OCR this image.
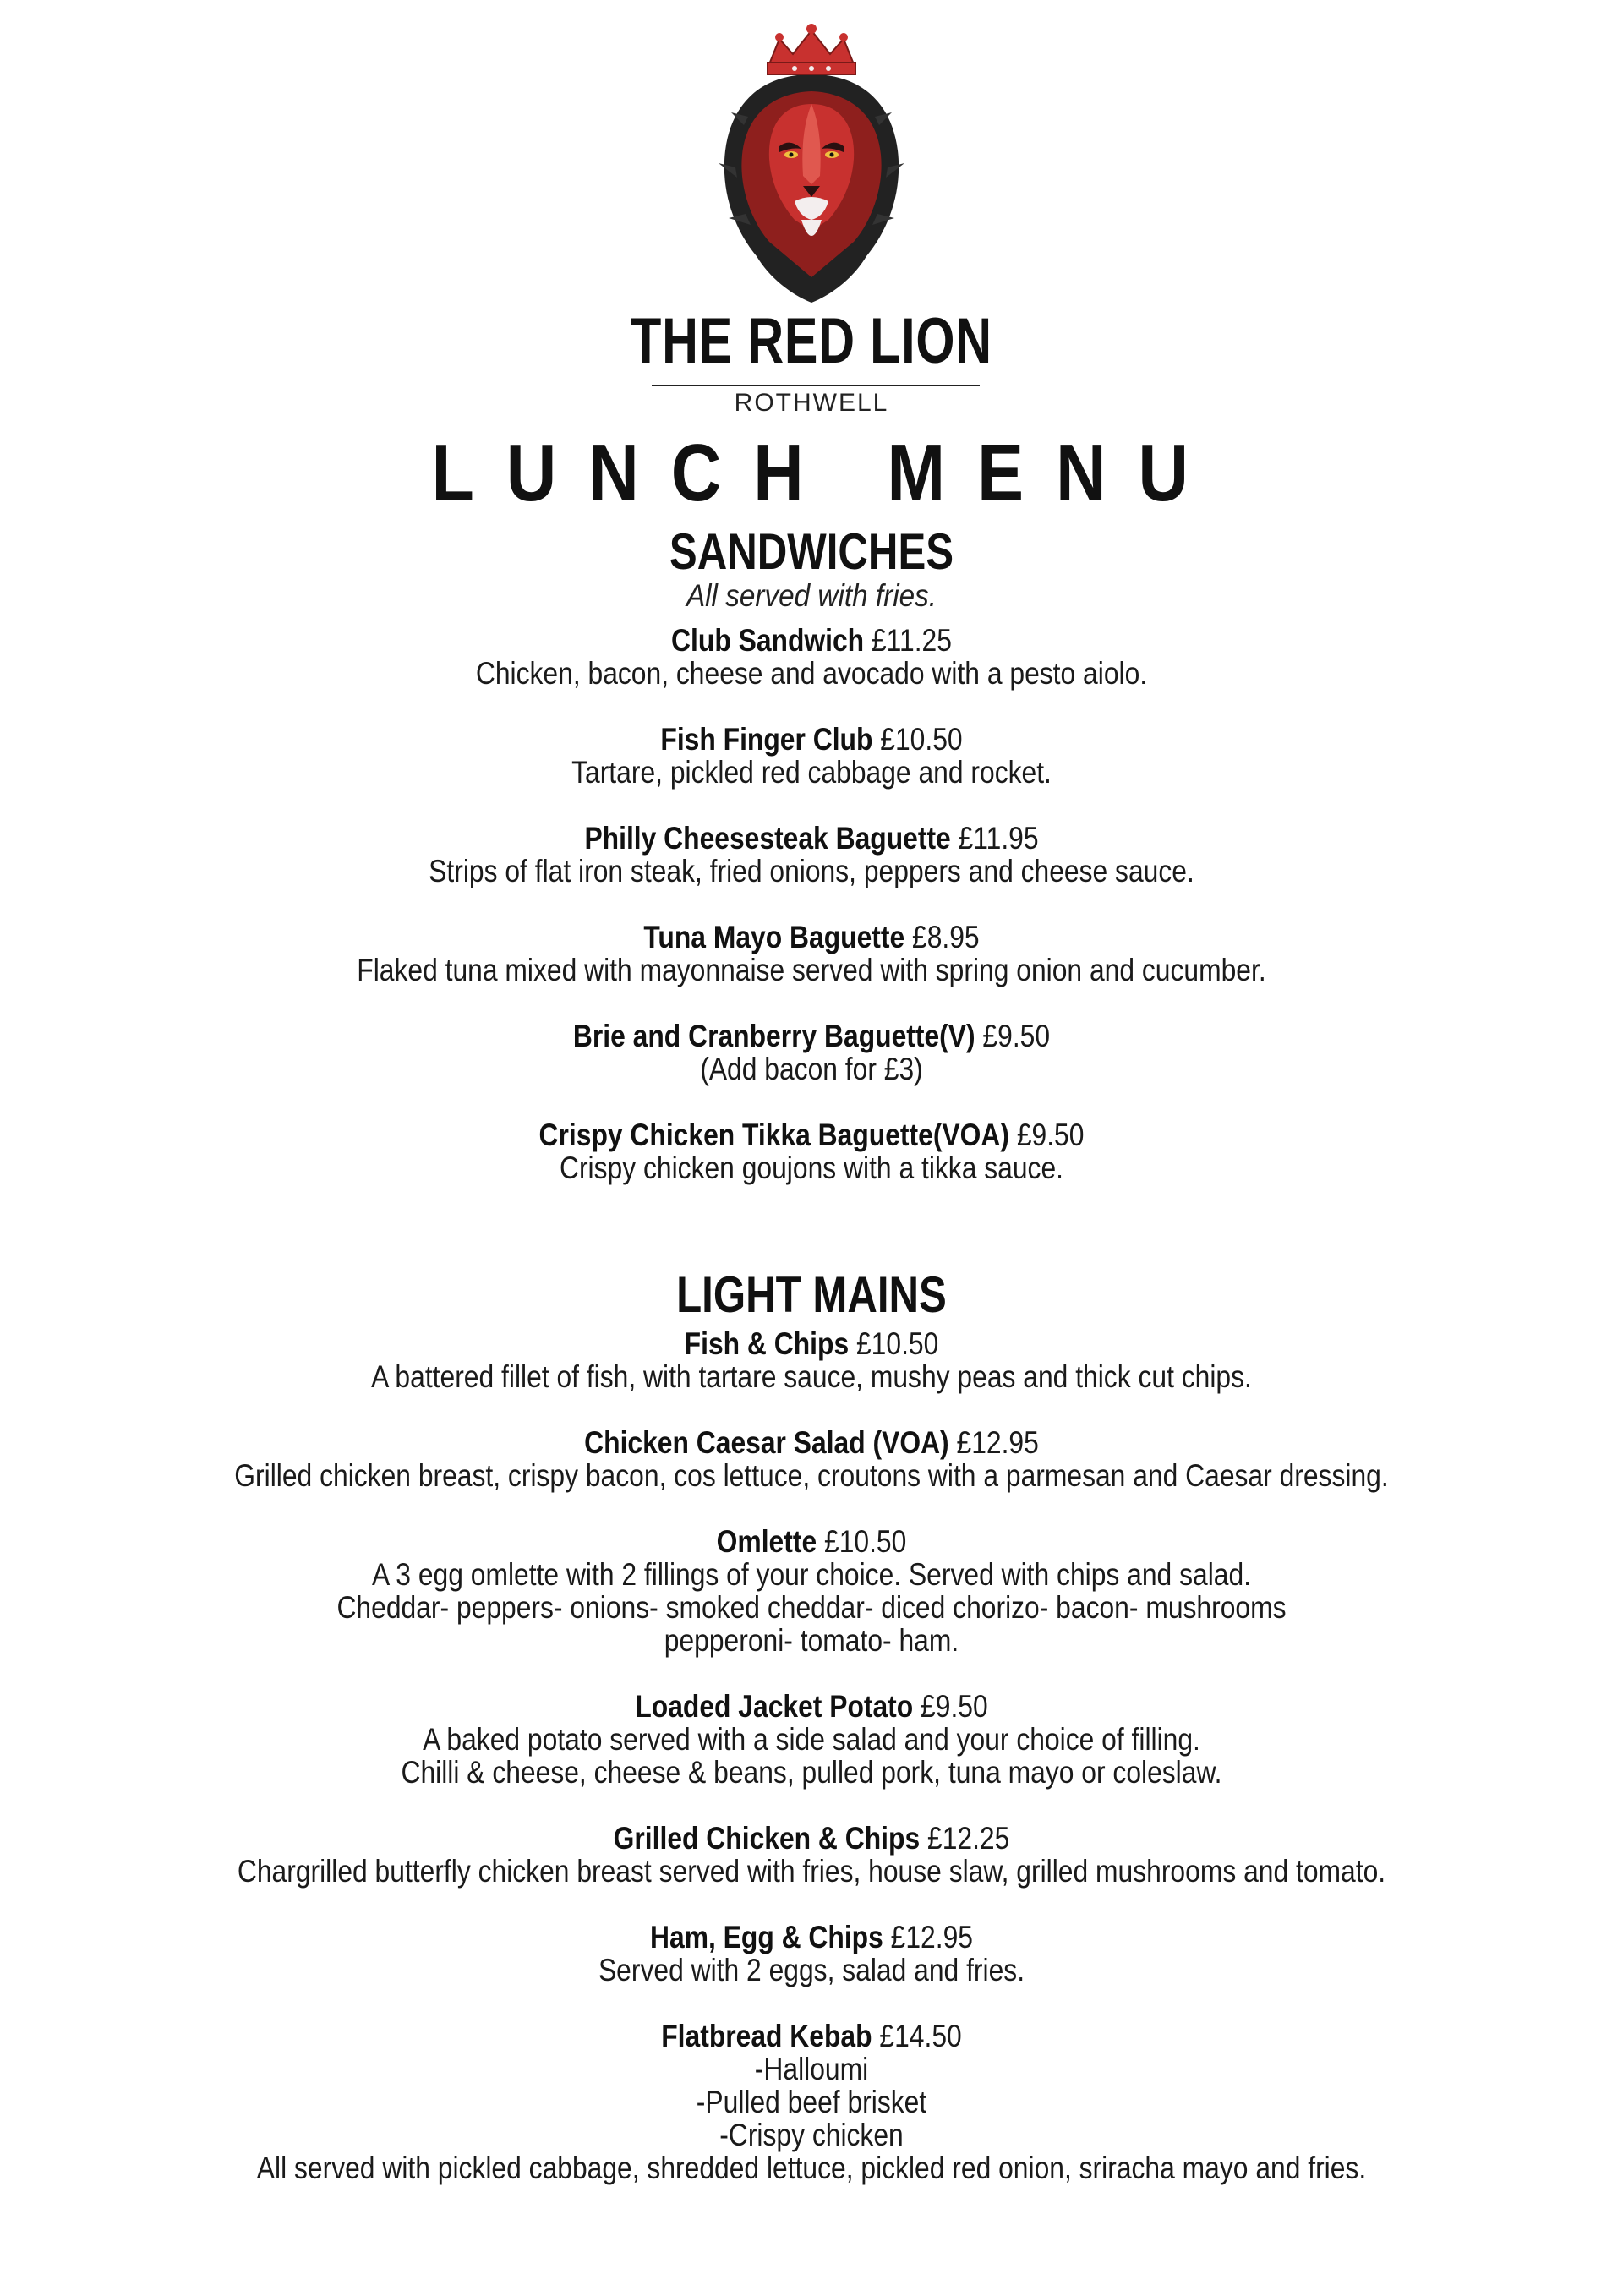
THE RED LION
ROTHWELL
LUNCH MENU
SANDWICHES
All served with fries.
Club Sandwich £11.25
Chicken, bacon, cheese and avocado with a pesto aiolo.
Fish Finger Club £10.50
Tartare, pickled red cabbage and rocket.
Philly Cheesesteak Baguette £11.95
Strips of flat iron steak, fried onions, peppers and cheese sauce.
Tuna Mayo Baguette £8.95
Flaked tuna mixed with mayonnaise served with spring onion and cucumber.
Brie and Cranberry Baguette(V) £9.50
(Add bacon for £3)
Crispy Chicken Tikka Baguette(VOA) £9.50
Crispy chicken goujons with a tikka sauce.
LIGHT MAINS
Fish & Chips £10.50
A battered fillet of fish, with tartare sauce, mushy peas and thick cut chips.
Chicken Caesar Salad (VOA) £12.95
Grilled chicken breast, crispy bacon, cos lettuce, croutons with a parmesan and Caesar dressing.
Omlette £10.50
A 3 egg omlette with 2 fillings of your choice. Served with chips and salad.
Cheddar- peppers- onions- smoked cheddar- diced chorizo- bacon- mushrooms
pepperoni- tomato- ham.
Loaded Jacket Potato £9.50
A baked potato served with a side salad and your choice of filling.
Chilli & cheese, cheese & beans, pulled pork, tuna mayo or coleslaw.
Grilled Chicken & Chips £12.25
Chargrilled butterfly chicken breast served with fries, house slaw, grilled mushrooms and tomato.
Ham, Egg & Chips £12.95
Served with 2 eggs, salad and fries.
Flatbread Kebab £14.50
-Halloumi
-Pulled beef brisket
-Crispy chicken
All served with pickled cabbage, shredded lettuce, pickled red onion, sriracha mayo and fries.
